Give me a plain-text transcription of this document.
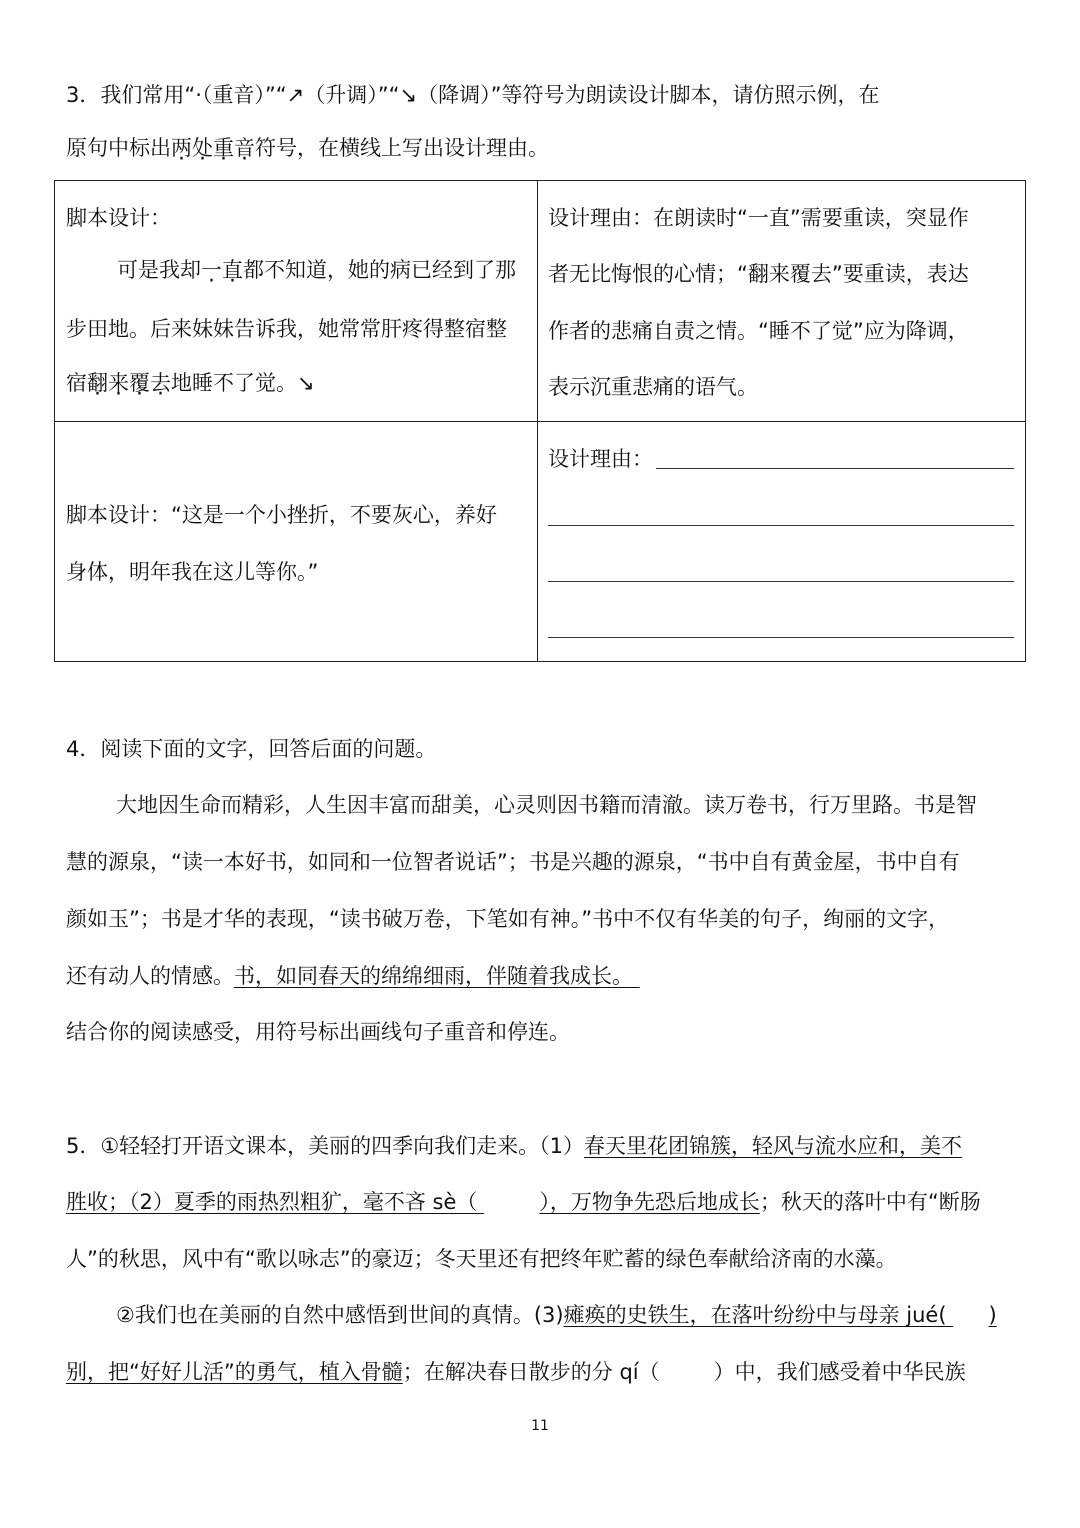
3．我们常用“·（重音）”“↗（升调）”“↘（降调）”等符号为朗读设计脚本，请仿照示例，在
原句中标出两处重音符号，在横线上写出设计理由。
脚本设计：
可是我却一直都不知道，她的病已经到了那
步田地。后来妹妹告诉我，她常常肝疼得整宿整
宿翻来覆去地睡不了觉。↘
设计理由：在朗读时“一直”需要重读，突显作
者无比悔恨的心情；“翻来覆去”要重读，表达
作者的悲痛自责之情。“睡不了觉”应为降调，
表示沉重悲痛的语气。
脚本设计：“这是一个小挫折，不要灰心，养好
身体，明年我在这儿等你。”
设计理由：
4．阅读下面的文字，回答后面的问题。
大地因生命而精彩，人生因丰富而甜美，心灵则因书籍而清澈。读万卷书，行万里路。书是智
慧的源泉，“读一本好书，如同和一位智者说话”；书是兴趣的源泉，“书中自有黄金屋，书中自有
颜如玉”；书是才华的表现，“读书破万卷，下笔如有神。”书中不仅有华美的句子，绚丽的文字，
还有动人的情感。书，如同春天的绵绵细雨，伴随着我成长。
结合你的阅读感受，用符号标出画线句子重音和停连。
5．①轻轻打开语文课本，美丽的四季向我们走来。（1）春天里花团锦簇，轻风与流水应和，美不
胜收；（2）夏季的雨热烈粗犷，毫不吝 sè（	），万物争先恐后地成长；秋天的落叶中有“断肠
人”的秋思，风中有“歌以咏志”的豪迈；冬天里还有把终年贮蓄的绿色奉献给济南的水藻。
②我们也在美丽的自然中感悟到世间的真情。(3)瘫痪的史铁生，在落叶纷纷中与母亲 jué( )
别，把“好好儿活”的勇气，植入骨髓；在解决春日散步的分 qí（	）中，我们感受着中华民族
11
